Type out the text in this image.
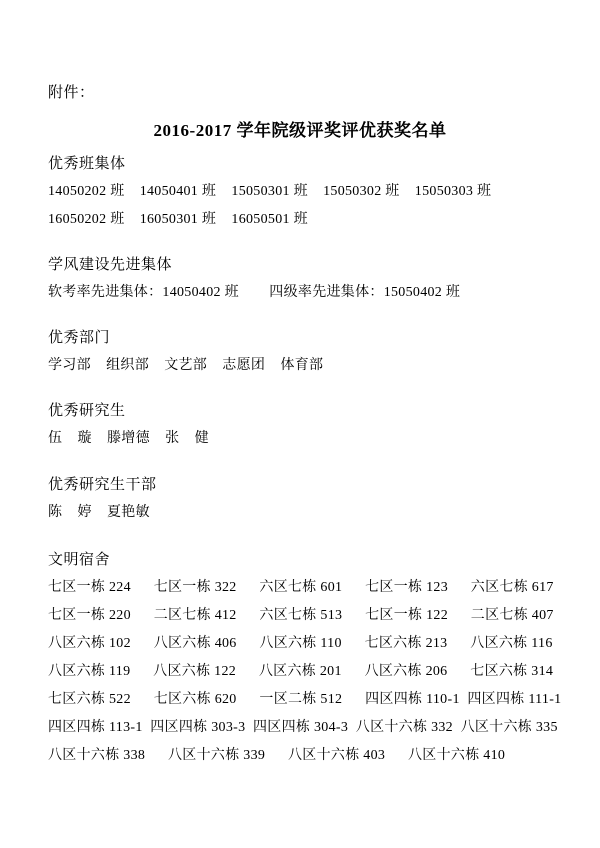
附件：
2016-2017 学年院级评奖评优获奖名单
优秀班集体
14050202 班    14050401 班    15050301 班    15050302 班    15050303 班
16050202 班    16050301 班    16050501 班
学风建设先进集体
软考率先进集体：14050402 班        四级率先进集体：15050402 班
优秀部门
学习部    组织部    文艺部    志愿团    体育部
优秀研究生
伍    璇    滕增德    张    健
优秀研究生干部
陈    婷    夏艳敏
文明宿舍
七区一栋 224      七区一栋 322      六区七栋 601      七区一栋 123      六区七栋 617
七区一栋 220      二区七栋 412      六区七栋 513      七区一栋 122      二区七栋 407
八区六栋 102      八区六栋 406      八区六栋 110      七区六栋 213      八区六栋 116
八区六栋 119      八区六栋 122      八区六栋 201      八区六栋 206      七区六栋 314
七区六栋 522      七区六栋 620      一区二栋 512      四区四栋 110-1  四区四栋 111-1
四区四栋 113-1  四区四栋 303-3  四区四栋 304-3  八区十六栋 332  八区十六栋 335
八区十六栋 338      八区十六栋 339      八区十六栋 403      八区十六栋 410
